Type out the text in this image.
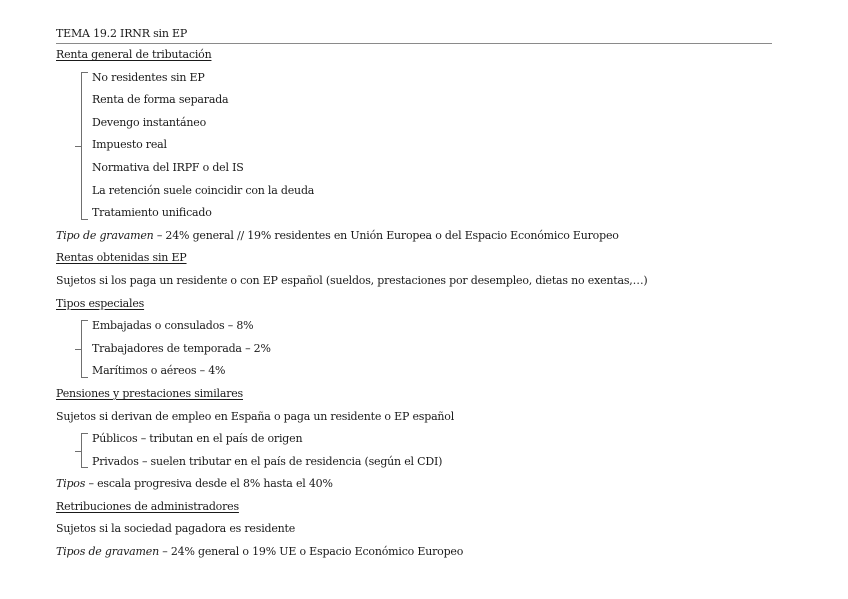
TEMA 19.2 IRNR sin EP
Renta general de tributación
No residentes sin EP
Renta de forma separada
Devengo instantáneo
Impuesto real
Normativa del IRPF o del IS
La retención suele coincidir con la deuda
Tratamiento unificado
Tipo de gravamen – 24% general // 19% residentes en Unión Europea o del Espacio Económico Europeo
Rentas obtenidas sin EP
Sujetos si los paga un residente o con EP español (sueldos, prestaciones por desempleo, dietas no exentas,…)
Tipos especiales
Embajadas o consulados – 8%
Trabajadores de temporada – 2%
Marítimos o aéreos – 4%
Pensiones y prestaciones similares
Sujetos si derivan de empleo en España o paga un residente o EP español
Públicos – tributan en el país de origen
Privados – suelen tributar en el país de residencia (según el CDI)
Tipos – escala progresiva desde el 8% hasta el 40%
Retribuciones de administradores
Sujetos si la sociedad pagadora es residente
Tipos de gravamen – 24% general o 19% UE o Espacio Económico Europeo
